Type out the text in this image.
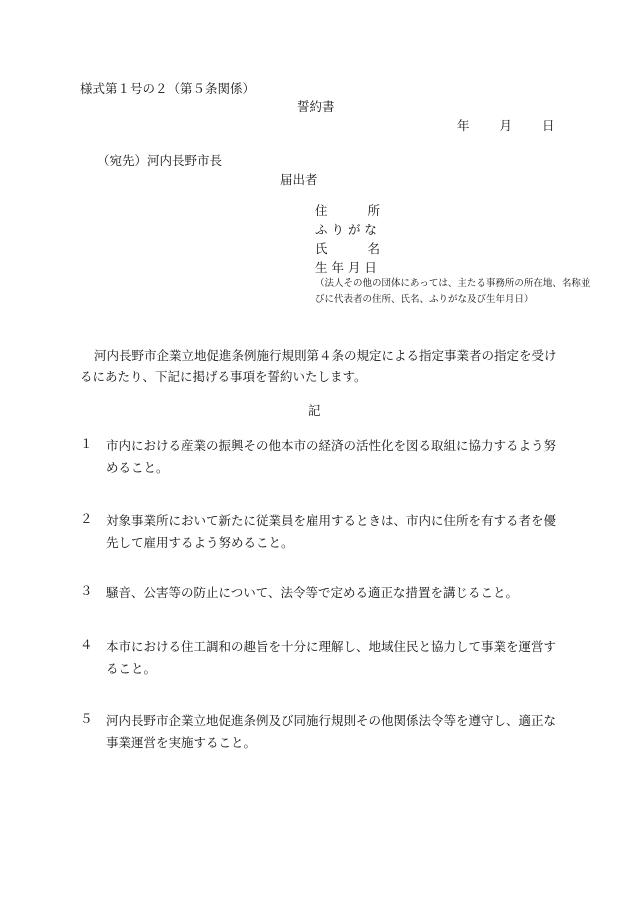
様式第１号の２（第５条関係）
誓約書
年 月 日
（宛先）河内長野市長
届出者
住	所
ふ り が な
氏	名
生 年 月 日
（法人その他の団体にあっては、主たる事務所の所在地、名称並
びに代表者の住所、氏名、ふりがな及び生年月日）
河内長野市企業立地促進条例施行規則第４条の規定による指定事業者の指定を受けるにあたり、下記に掲げる事項を誓約いたします。
記
１ 市内における産業の振興その他本市の経済の活性化を図る取組に協力するよう努めること。
２ 対象事業所において新たに従業員を雇用するときは、市内に住所を有する者を優先して雇用するよう努めること。
３ 騒音、公害等の防止について、法令等で定める適正な措置を講じること。
４ 本市における住工調和の趣旨を十分に理解し、地域住民と協力して事業を運営すること。
５ 河内長野市企業立地促進条例及び同施行規則その他関係法令等を遵守し、適正な事業運営を実施すること。
